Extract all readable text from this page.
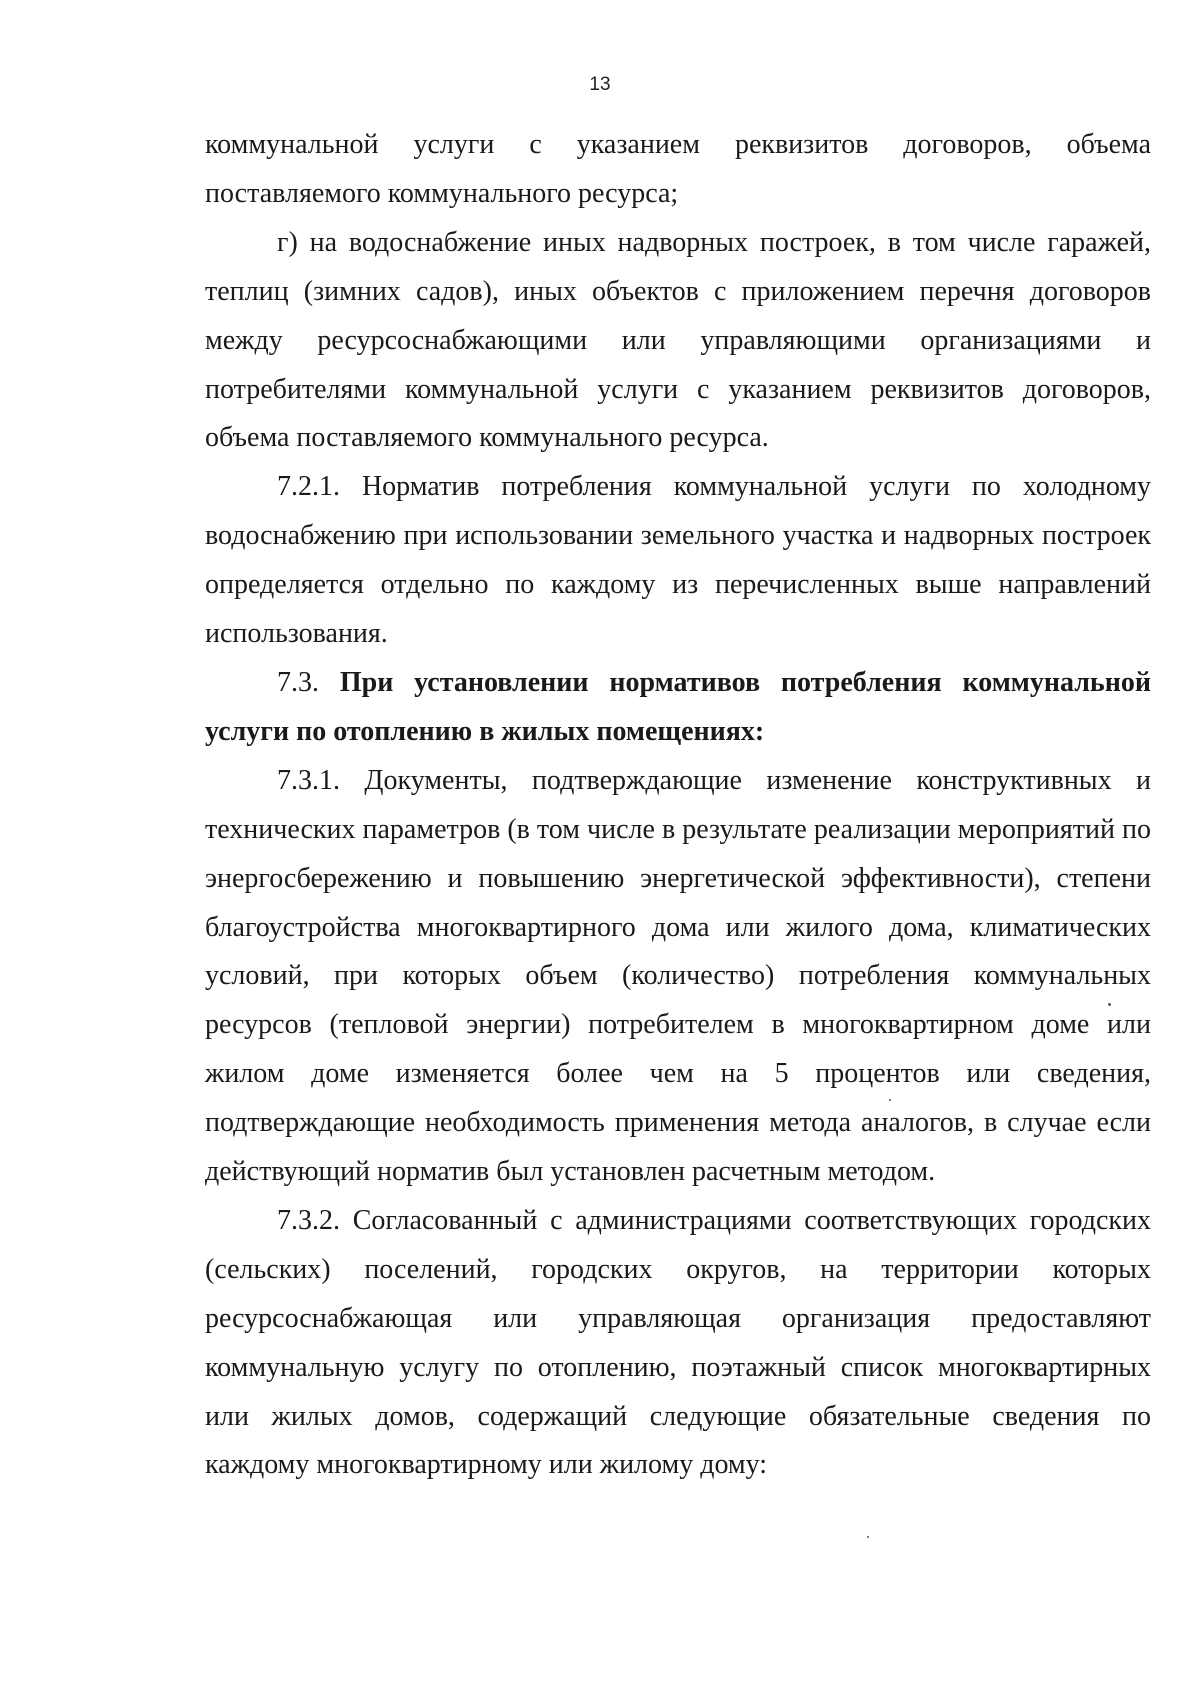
13

коммунальной услуги с указанием реквизитов договоров, объема поставляемого коммунального ресурса;

г) на водоснабжение иных надворных построек, в том числе гаражей, теплиц (зимних садов), иных объектов с приложением перечня договоров между ресурсоснабжающими или управляющими организациями и потребителями коммунальной услуги с указанием реквизитов договоров, объема поставляемого коммунального ресурса.

7.2.1. Норматив потребления коммунальной услуги по холодному водоснабжению при использовании земельного участка и надворных построек определяется отдельно по каждому из перечисленных выше направлений использования.

7.3. При установлении нормативов потребления коммунальной услуги по отоплению в жилых помещениях:

7.3.1. Документы, подтверждающие изменение конструктивных и технических параметров (в том числе в результате реализации мероприятий по энергосбережению и повышению энергетической эффективности), степени благоустройства многоквартирного дома или жилого дома, климатических условий, при которых объем (количество) потребления коммунальных ресурсов (тепловой энергии) потребителем в многоквартирном доме или жилом доме изменяется более чем на 5 процентов или сведения, подтверждающие необходимость применения метода аналогов, в случае если действующий норматив был установлен расчетным методом.

7.3.2. Согласованный с администрациями соответствующих городских (сельских) поселений, городских округов, на территории которых ресурсоснабжающая или управляющая организация предоставляют коммунальную услугу по отоплению, поэтажный список многоквартирных или жилых домов, содержащий следующие обязательные сведения по каждому многоквартирному или жилому дому:
